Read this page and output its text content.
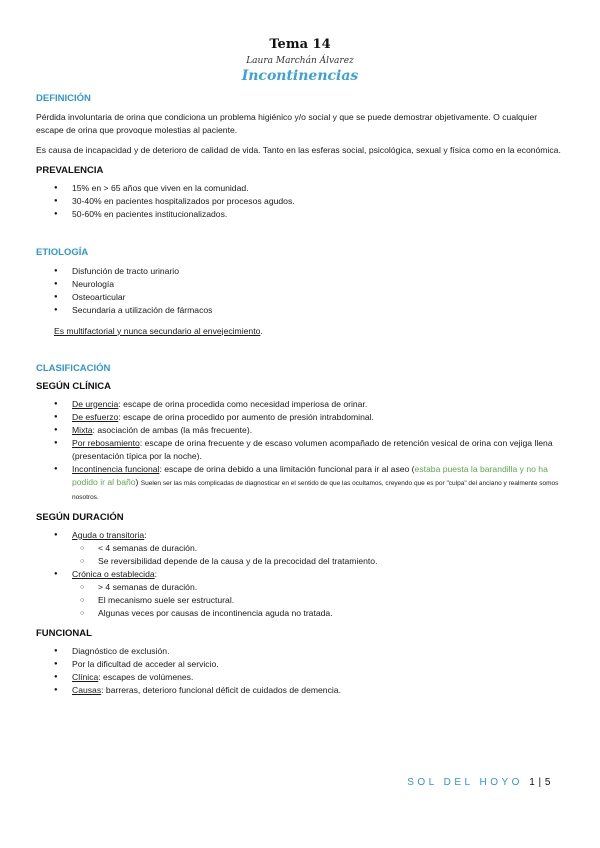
Tema 14
Laura Marchán Álvarez
Incontinencias
DEFINICIÓN

Pérdida involuntaria de orina que condiciona un problema higiénico y/o social y que se puede demostrar objetivamente. O cualquier escape de orina que provoque molestias al paciente.

Es causa de incapacidad y de deterioro de calidad de vida. Tanto en las esferas social, psicológica, sexual y física como en la económica.

PREVALENCIA
● 15% en > 65 años que viven en la comunidad.
● 30-40% en pacientes hospitalizados por procesos agudos.
● 50-60% en pacientes institucionalizados.
ETIOLOGÍA
● Disfunción de tracto urinario
● Neurología
● Osteoarticular
● Secundaria a utilización de fármacos
Es multifactorial y nunca secundario al envejecimiento.
CLASIFICACIÓN
SEGÚN CLÍNICA
● De urgencia: escape de orina procedida como necesidad imperiosa de orinar.
● De esfuerzo: escape de orina procedido por aumento de presión intrabdominal.
● Mixta: asociación de ambas (la más frecuente).
● Por rebosamiento: escape de orina frecuente y de escaso volumen acompañado de retención vesical de orina con vejiga llena (presentación típica por la noche).
● Incontinencia funcional: escape de orina debido a una limitación funcional para ir al aseo (estaba puesta la barandilla y no ha podido ir al baño) Suelen ser las más complicadas de diagnosticar en el sentido de que las ocultamos, creyendo que es por "culpa" del anciano y realmente somos nosotros.
SEGÚN DURACIÓN
● Aguda o transitoria:
○ < 4 semanas de duración.
○ Se reversibilidad depende de la causa y de la precocidad del tratamiento.
● Crónica o establecida:
○ > 4 semanas de duración.
○ El mecanismo suele ser estructural.
○ Algunas veces por causas de incontinencia aguda no tratada.
FUNCIONAL
● Diagnóstico de exclusión.
● Por la dificultad de acceder al servicio.
● Clínica: escapes de volúmenes.
● Causas: barreras, deterioro funcional déficit de cuidados de demencia.
SOL DEL HOYO 1 | 5
